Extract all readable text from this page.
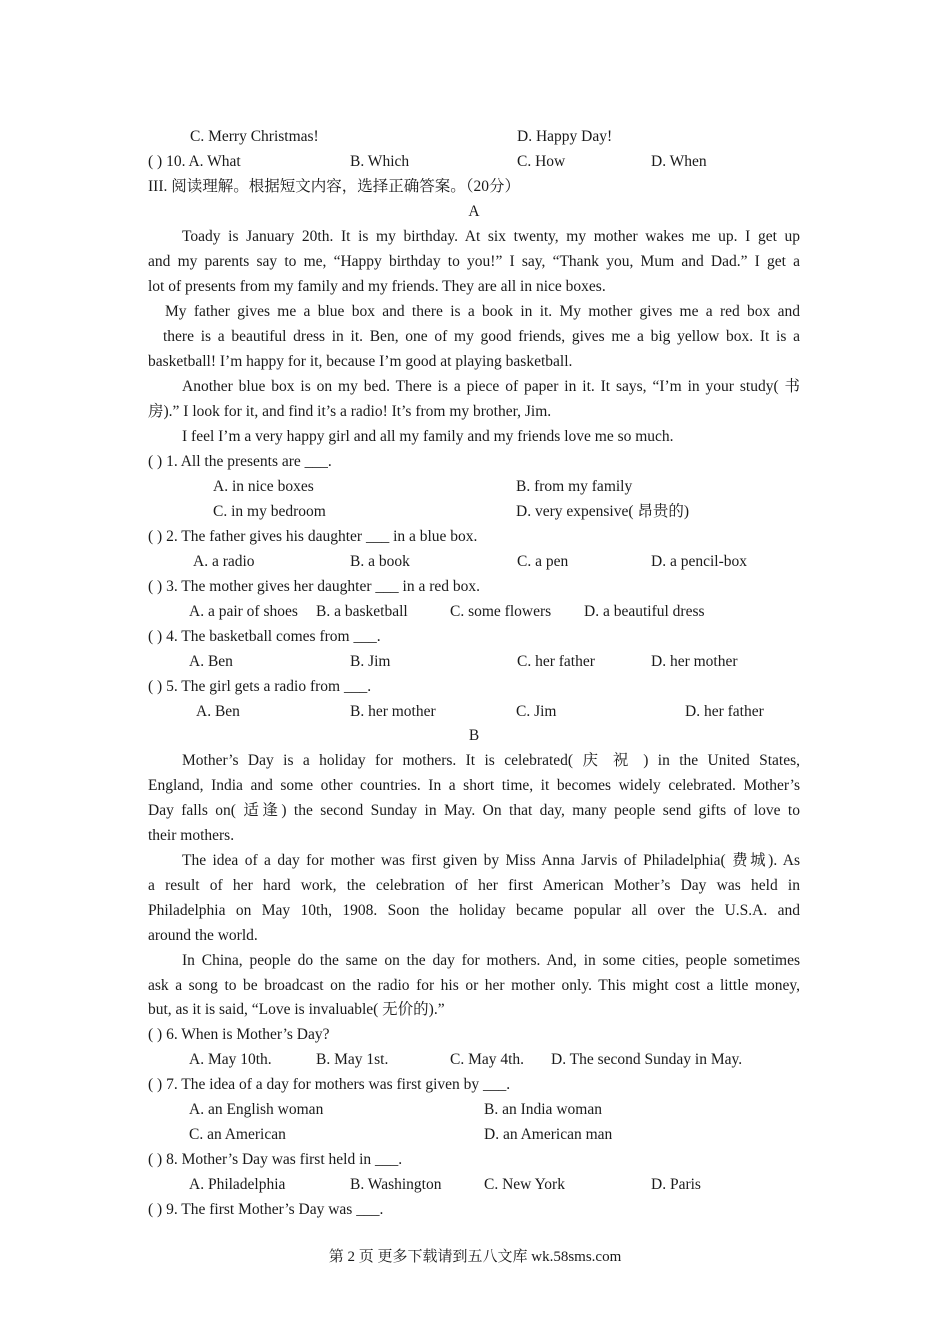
C. Merry Christmas!	D. Happy Day!
( ) 10. A. What	B. Which	C. How	D. When
III. 阅读理解。根据短文内容，选择正确答案。（20分）
A
Toady is January 20th. It is my birthday. At six twenty, my mother wakes me up. I get up
and my parents say to me, “Happy birthday to you!” I say, “Thank you, Mum and Dad.” I get a
lot of presents from my family and my friends. They are all in nice boxes.
My father gives me a blue box and there is a book in it. My mother gives me a red box and
there is a beautiful dress in it. Ben, one of my good friends, gives me a big yellow box. It is a
basketball! I’m happy for it, because I’m good at playing basketball.
Another blue box is on my bed. There is a piece of paper in it. It says, “I’m in your study( 书
房).” I look for it, and find it’s a radio! It’s from my brother, Jim.
I feel I’m a very happy girl and all my family and my friends love me so much.
( ) 1. All the presents are ___.
A. in nice boxes	B. from my family
C. in my bedroom	D. very expensive( 昂贵的)
( ) 2. The father gives his daughter ___ in a blue box.
A. a radio	B. a book	C. a pen	D. a pencil-box
( ) 3. The mother gives her daughter ___ in a red box.
A. a pair of shoes B. a basketball	C. some flowers D. a beautiful dress
( ) 4. The basketball comes from ___.
A. Ben	B. Jim	C. her father	D. her mother
( ) 5. The girl gets a radio from ___.
A. Ben	B. her mother	C. Jim	D. her father
B
Mother’s Day is a holiday for mothers. It is celebrated( 庆 祝 ) in the United States,
England, India and some other countries. In a short time, it becomes widely celebrated. Mother’s
Day falls on( 适逢) the second Sunday in May. On that day, many people send gifts of love to
their mothers.
The idea of a day for mother was first given by Miss Anna Jarvis of Philadelphia( 费城). As
a result of her hard work, the celebration of her first American Mother’s Day was held in
Philadelphia on May 10th, 1908. Soon the holiday became popular all over the U.S.A. and
around the world.
In China, people do the same on the day for mothers. And, in some cities, people sometimes
ask a song to be broadcast on the radio for his or her mother only. This might cost a little money,
but, as it is said, “Love is invaluable( 无价的).”
( ) 6. When is Mother’s Day?
A. May 10th.	B. May 1st.	C. May 4th. D. The second Sunday in May.
( ) 7. The idea of a day for mothers was first given by ___.
A. an English woman	B. an India woman
C. an American	D. an American man
( ) 8. Mother’s Day was first held in ___.
A. Philadelphia	B. Washington	C. New York	D. Paris
( ) 9. The first Mother’s Day was ___.
第 2 页 更多下载请到五八文库 wk.58sms.com
